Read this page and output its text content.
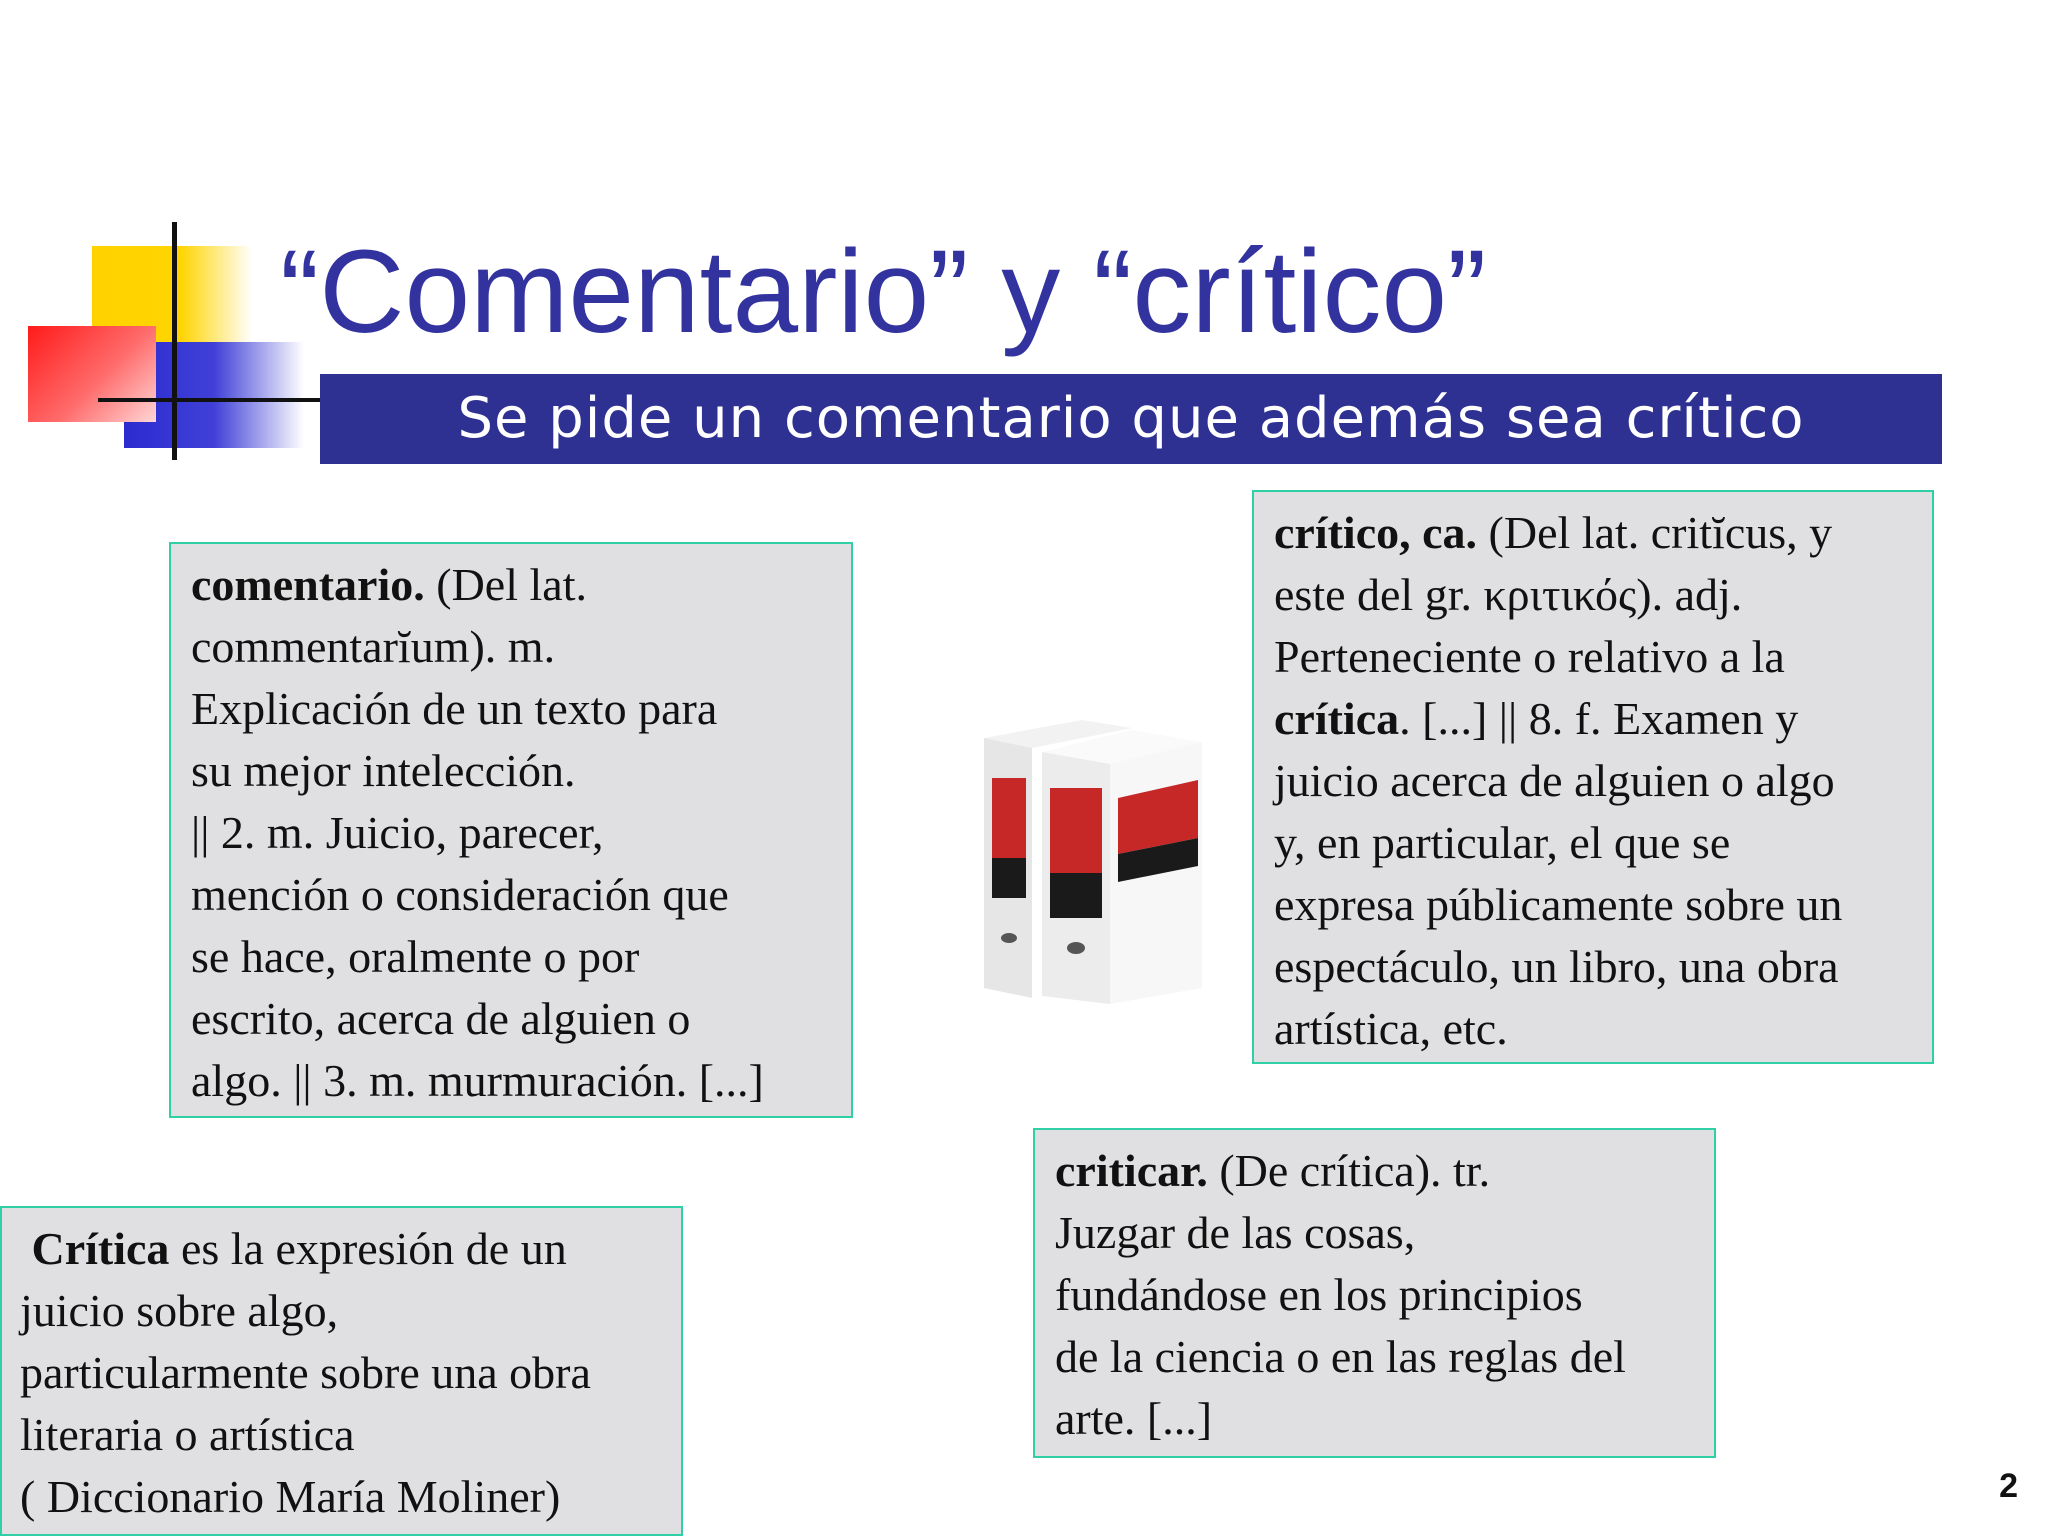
“Comentario” y “crítico”
Se pide un comentario que además sea crítico
comentario. (Del lat.
commentarĭum). m.
Explicación de un texto para
su mejor intelección.
|| 2. m. Juicio, parecer,
mención o consideración que
se hace, oralmente o por
escrito, acerca de alguien o
algo. || 3. m. murmuración. [...]
crítico, ca. (Del lat. critĭcus, y
este del gr. κριτικός). adj.
Perteneciente o relativo a la
crítica. [...] || 8. f. Examen y
juicio acerca de alguien o algo
y, en particular, el que se
expresa públicamente sobre un
espectáculo, un libro, una obra
artística, etc.
criticar. (De crítica). tr.
Juzgar de las cosas,
fundándose en los principios
de la ciencia o en las reglas del
arte. [...]
Crítica es la expresión de un
juicio sobre algo,
particularmente sobre una obra
literaria o artística
( Diccionario María Moliner)	2
